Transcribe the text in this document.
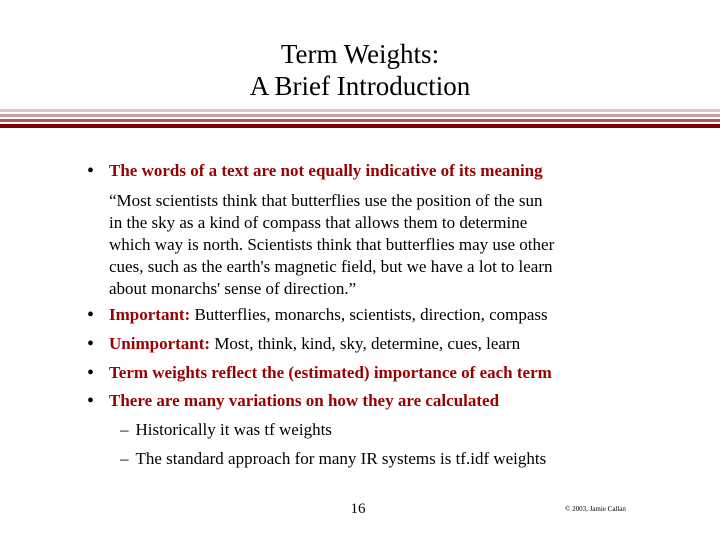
Term Weights:
A Brief Introduction
• The words of a text are not equally indicative of its meaning
“Most scientists think that butterflies use the position of the sun
in the sky as a kind of compass that allows them to determine
which way is north. Scientists think that butterflies may use other
cues, such as the earth's magnetic field, but we have a lot to learn
about monarchs' sense of direction.”
• Important: Butterflies, monarchs, scientists, direction, compass
• Unimportant: Most, think, kind, sky, determine, cues, learn
• Term weights reflect the (estimated) importance of each term
• There are many variations on how they are calculated
– Historically it was tf weights
– The standard approach for many IR systems is tf.idf weights
16	© 2003, Jamie Callan
